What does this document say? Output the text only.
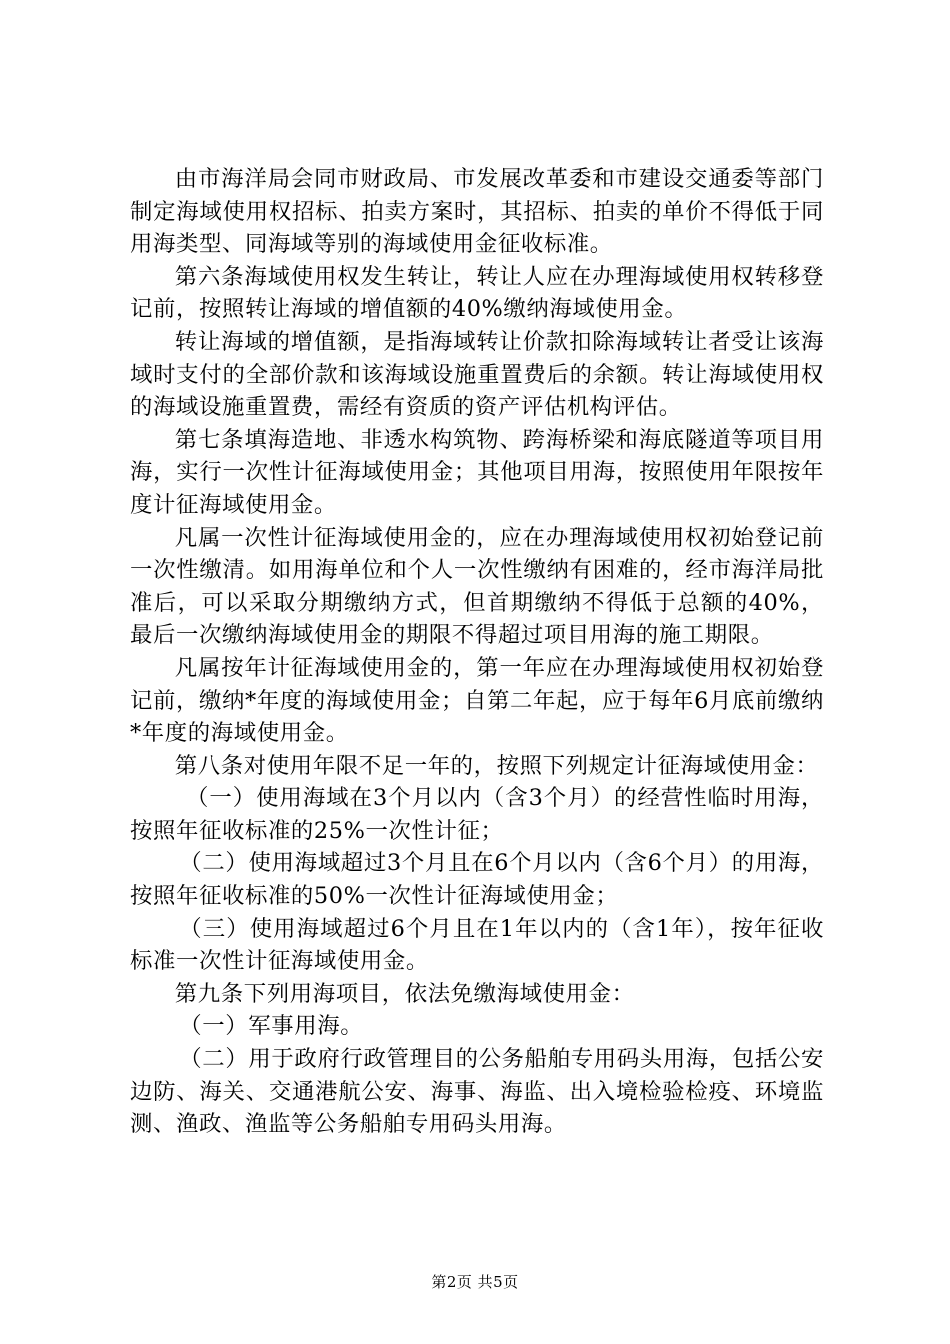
由市海洋局会同市财政局、市发展改革委和市建设交通委等部门制定海域使用权招标、拍卖方案时，其招标、拍卖的单价不得低于同用海类型、同海域等别的海域使用金征收标准。

第六条海域使用权发生转让，转让人应在办理海域使用权转移登记前，按照转让海域的增值额的40%缴纳海域使用金。

转让海域的增值额，是指海域转让价款扣除海域转让者受让该海域时支付的全部价款和该海域设施重置费后的余额。转让海域使用权的海域设施重置费，需经有资质的资产评估机构评估。

第七条填海造地、非透水构筑物、跨海桥梁和海底隧道等项目用海，实行一次性计征海域使用金；其他项目用海，按照使用年限按年度计征海域使用金。

凡属一次性计征海域使用金的，应在办理海域使用权初始登记前一次性缴清。如用海单位和个人一次性缴纳有困难的，经市海洋局批准后，可以采取分期缴纳方式，但首期缴纳不得低于总额的40%，最后一次缴纳海域使用金的期限不得超过项目用海的施工期限。

凡属按年计征海域使用金的，第一年应在办理海域使用权初始登记前，缴纳*年度的海域使用金；自第二年起，应于每年6月底前缴纳*年度的海域使用金。

第八条对使用年限不足一年的，按照下列规定计征海域使用金：

（一）使用海域在3个月以内（含3个月）的经营性临时用海，按照年征收标准的25%一次性计征；

（二）使用海域超过3个月且在6个月以内（含6个月）的用海，按照年征收标准的50%一次性计征海域使用金；

（三）使用海域超过6个月且在1年以内的（含1年），按年征收标准一次性计征海域使用金。

第九条下列用海项目，依法免缴海域使用金：

（一）军事用海。

（二）用于政府行政管理目的公务船舶专用码头用海，包括公安边防、海关、交通港航公安、海事、海监、出入境检验检疫、环境监测、渔政、渔监等公务船舶专用码头用海。

第2页 共5页
